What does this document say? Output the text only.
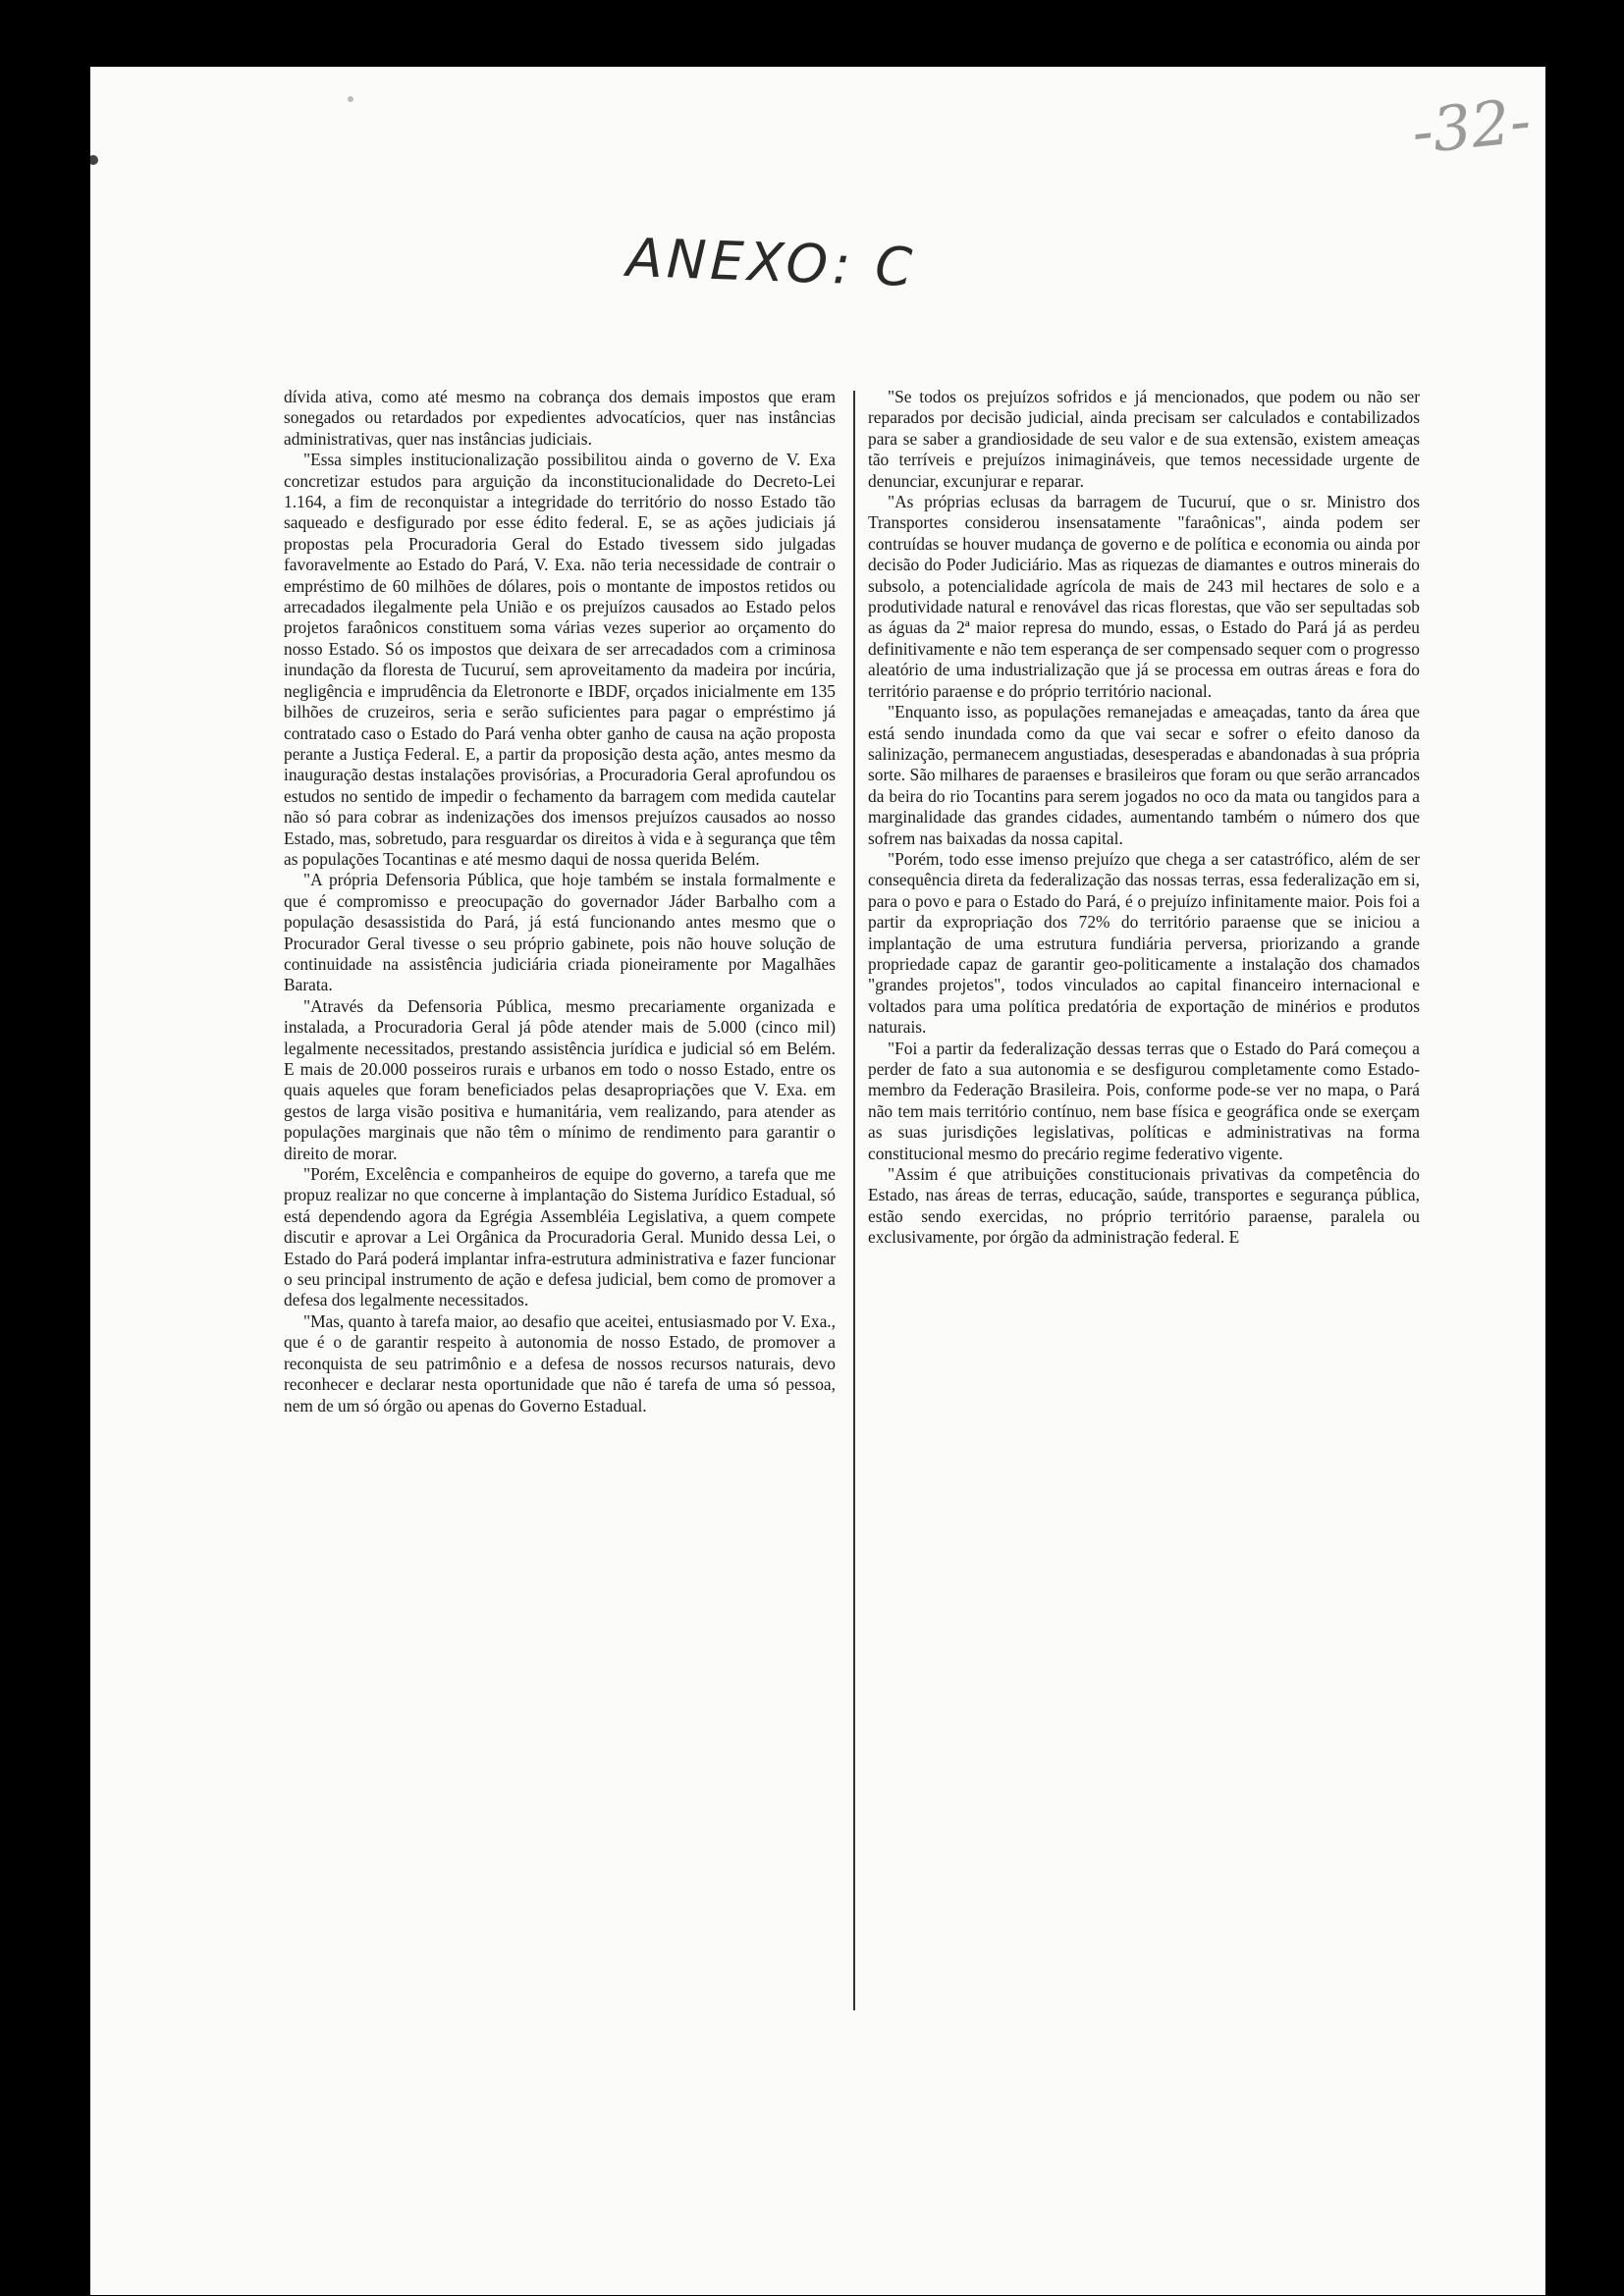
-32-
ANEXO: C

dívida ativa, como até mesmo na cobrança dos demais impostos que eram sonegados ou retardados por expedientes advocatícios, quer nas instâncias administrativas, quer nas instâncias judiciais.

"Essa simples institucionalização possibilitou ainda o governo de V. Exa concretizar estudos para arguição da inconstitucionalidade do Decreto-Lei 1.164, a fim de reconquistar a integridade do território do nosso Estado tão saqueado e desfigurado por esse édito federal. E, se as ações judiciais já propostas pela Procuradoria Geral do Estado tivessem sido julgadas favoravelmente ao Estado do Pará, V. Exa. não teria necessidade de contrair o empréstimo de 60 milhões de dólares, pois o montante de impostos retidos ou arrecadados ilegalmente pela União e os prejuízos causados ao Estado pelos projetos faraônicos constituem soma várias vezes superior ao orçamento do nosso Estado. Só os impostos que deixara de ser arrecadados com a criminosa inundação da floresta de Tucuruí, sem aproveitamento da madeira por incúria, negligência e imprudência da Eletronorte e IBDF, orçados inicialmente em 135 bilhões de cruzeiros, seria e serão suficientes para pagar o empréstimo já contratado caso o Estado do Pará venha obter ganho de causa na ação proposta perante a Justiça Federal. E, a partir da proposição desta ação, antes mesmo da inauguração destas instalações provisórias, a Procuradoria Geral aprofundou os estudos no sentido de impedir o fechamento da barragem com medida cautelar não só para cobrar as indenizações dos imensos prejuízos causados ao nosso Estado, mas, sobretudo, para resguardar os direitos à vida e à segurança que têm as populações Tocantinas e até mesmo daqui de nossa querida Belém.

"A própria Defensoria Pública, que hoje também se instala formalmente e que é compromisso e preocupação do governador Jáder Barbalho com a população desassistida do Pará, já está funcionando antes mesmo que o Procurador Geral tivesse o seu próprio gabinete, pois não houve solução de continuidade na assistência judiciária criada pioneiramente por Magalhães Barata.

"Através da Defensoria Pública, mesmo precariamente organizada e instalada, a Procuradoria Geral já pôde atender mais de 5.000 (cinco mil) legalmente necessitados, prestando assistência jurídica e judicial só em Belém. E mais de 20.000 posseiros rurais e urbanos em todo o nosso Estado, entre os quais aqueles que foram beneficiados pelas desapropriações que V. Exa. em gestos de larga visão positiva e humanitária, vem realizando, para atender as populações marginais que não têm o mínimo de rendimento para garantir o direito de morar.

"Porém, Excelência e companheiros de equipe do governo, a tarefa que me propuz realizar no que concerne à implantação do Sistema Jurídico Estadual, só está dependendo agora da Egrégia Assembléia Legislativa, a quem compete discutir e aprovar a Lei Orgânica da Procuradoria Geral. Munido dessa Lei, o Estado do Pará poderá implantar infra-estrutura administrativa e fazer funcionar o seu principal instrumento de ação e defesa judicial, bem como de promover a defesa dos legalmente necessitados.

"Mas, quanto à tarefa maior, ao desafio que aceitei, entusiasmado por V. Exa., que é o de garantir respeito à autonomia de nosso Estado, de promover a reconquista de seu patrimônio e a defesa de nossos recursos naturais, devo reconhecer e declarar nesta oportunidade que não é tarefa de uma só pessoa, nem de um só órgão ou apenas do Governo Estadual.

"Se todos os prejuízos sofridos e já mencionados, que podem ou não ser reparados por decisão judicial, ainda precisam ser calculados e contabilizados para se saber a grandiosidade de seu valor e de sua extensão, existem ameaças tão terríveis e prejuízos inimagináveis, que temos necessidade urgente de denunciar, excunjurar e reparar.

"As próprias eclusas da barragem de Tucuruí, que o sr. Ministro dos Transportes considerou insensatamente "faraônicas", ainda podem ser contruídas se houver mudança de governo e de política e economia ou ainda por decisão do Poder Judiciário. Mas as riquezas de diamantes e outros minerais do subsolo, a potencialidade agrícola de mais de 243 mil hectares de solo e a produtividade natural e renovável das ricas florestas, que vão ser sepultadas sob as águas da 2ª maior represa do mundo, essas, o Estado do Pará já as perdeu definitivamente e não tem esperança de ser compensado sequer com o progresso aleatório de uma industrialização que já se processa em outras áreas e fora do território paraense e do próprio território nacional.

"Enquanto isso, as populações remanejadas e ameaçadas, tanto da área que está sendo inundada como da que vai secar e sofrer o efeito danoso da salinização, permanecem angustiadas, desesperadas e abandonadas à sua própria sorte. São milhares de paraenses e brasileiros que foram ou que serão arrancados da beira do rio Tocantins para serem jogados no oco da mata ou tangidos para a marginalidade das grandes cidades, aumentando também o número dos que sofrem nas baixadas da nossa capital.

"Porém, todo esse imenso prejuízo que chega a ser catastrófico, além de ser consequência direta da federalização das nossas terras, essa federalização em si, para o povo e para o Estado do Pará, é o prejuízo infinitamente maior. Pois foi a partir da expropriação dos 72% do território paraense que se iniciou a implantação de uma estrutura fundiária perversa, priorizando a grande propriedade capaz de garantir geo-politicamente a instalação dos chamados "grandes projetos", todos vinculados ao capital financeiro internacional e voltados para uma política predatória de exportação de minérios e produtos naturais.

"Foi a partir da federalização dessas terras que o Estado do Pará começou a perder de fato a sua autonomia e se desfigurou completamente como Estado-membro da Federação Brasileira. Pois, conforme pode-se ver no mapa, o Pará não tem mais território contínuo, nem base física e geográfica onde se exerçam as suas jurisdições legislativas, políticas e administrativas na forma constitucional mesmo do precário regime federativo vigente.

"Assim é que atribuições constitucionais privativas da competência do Estado, nas áreas de terras, educação, saúde, transportes e segurança pública, estão sendo exercidas, no próprio território paraense, paralela ou exclusivamente, por órgão da administração federal. E
